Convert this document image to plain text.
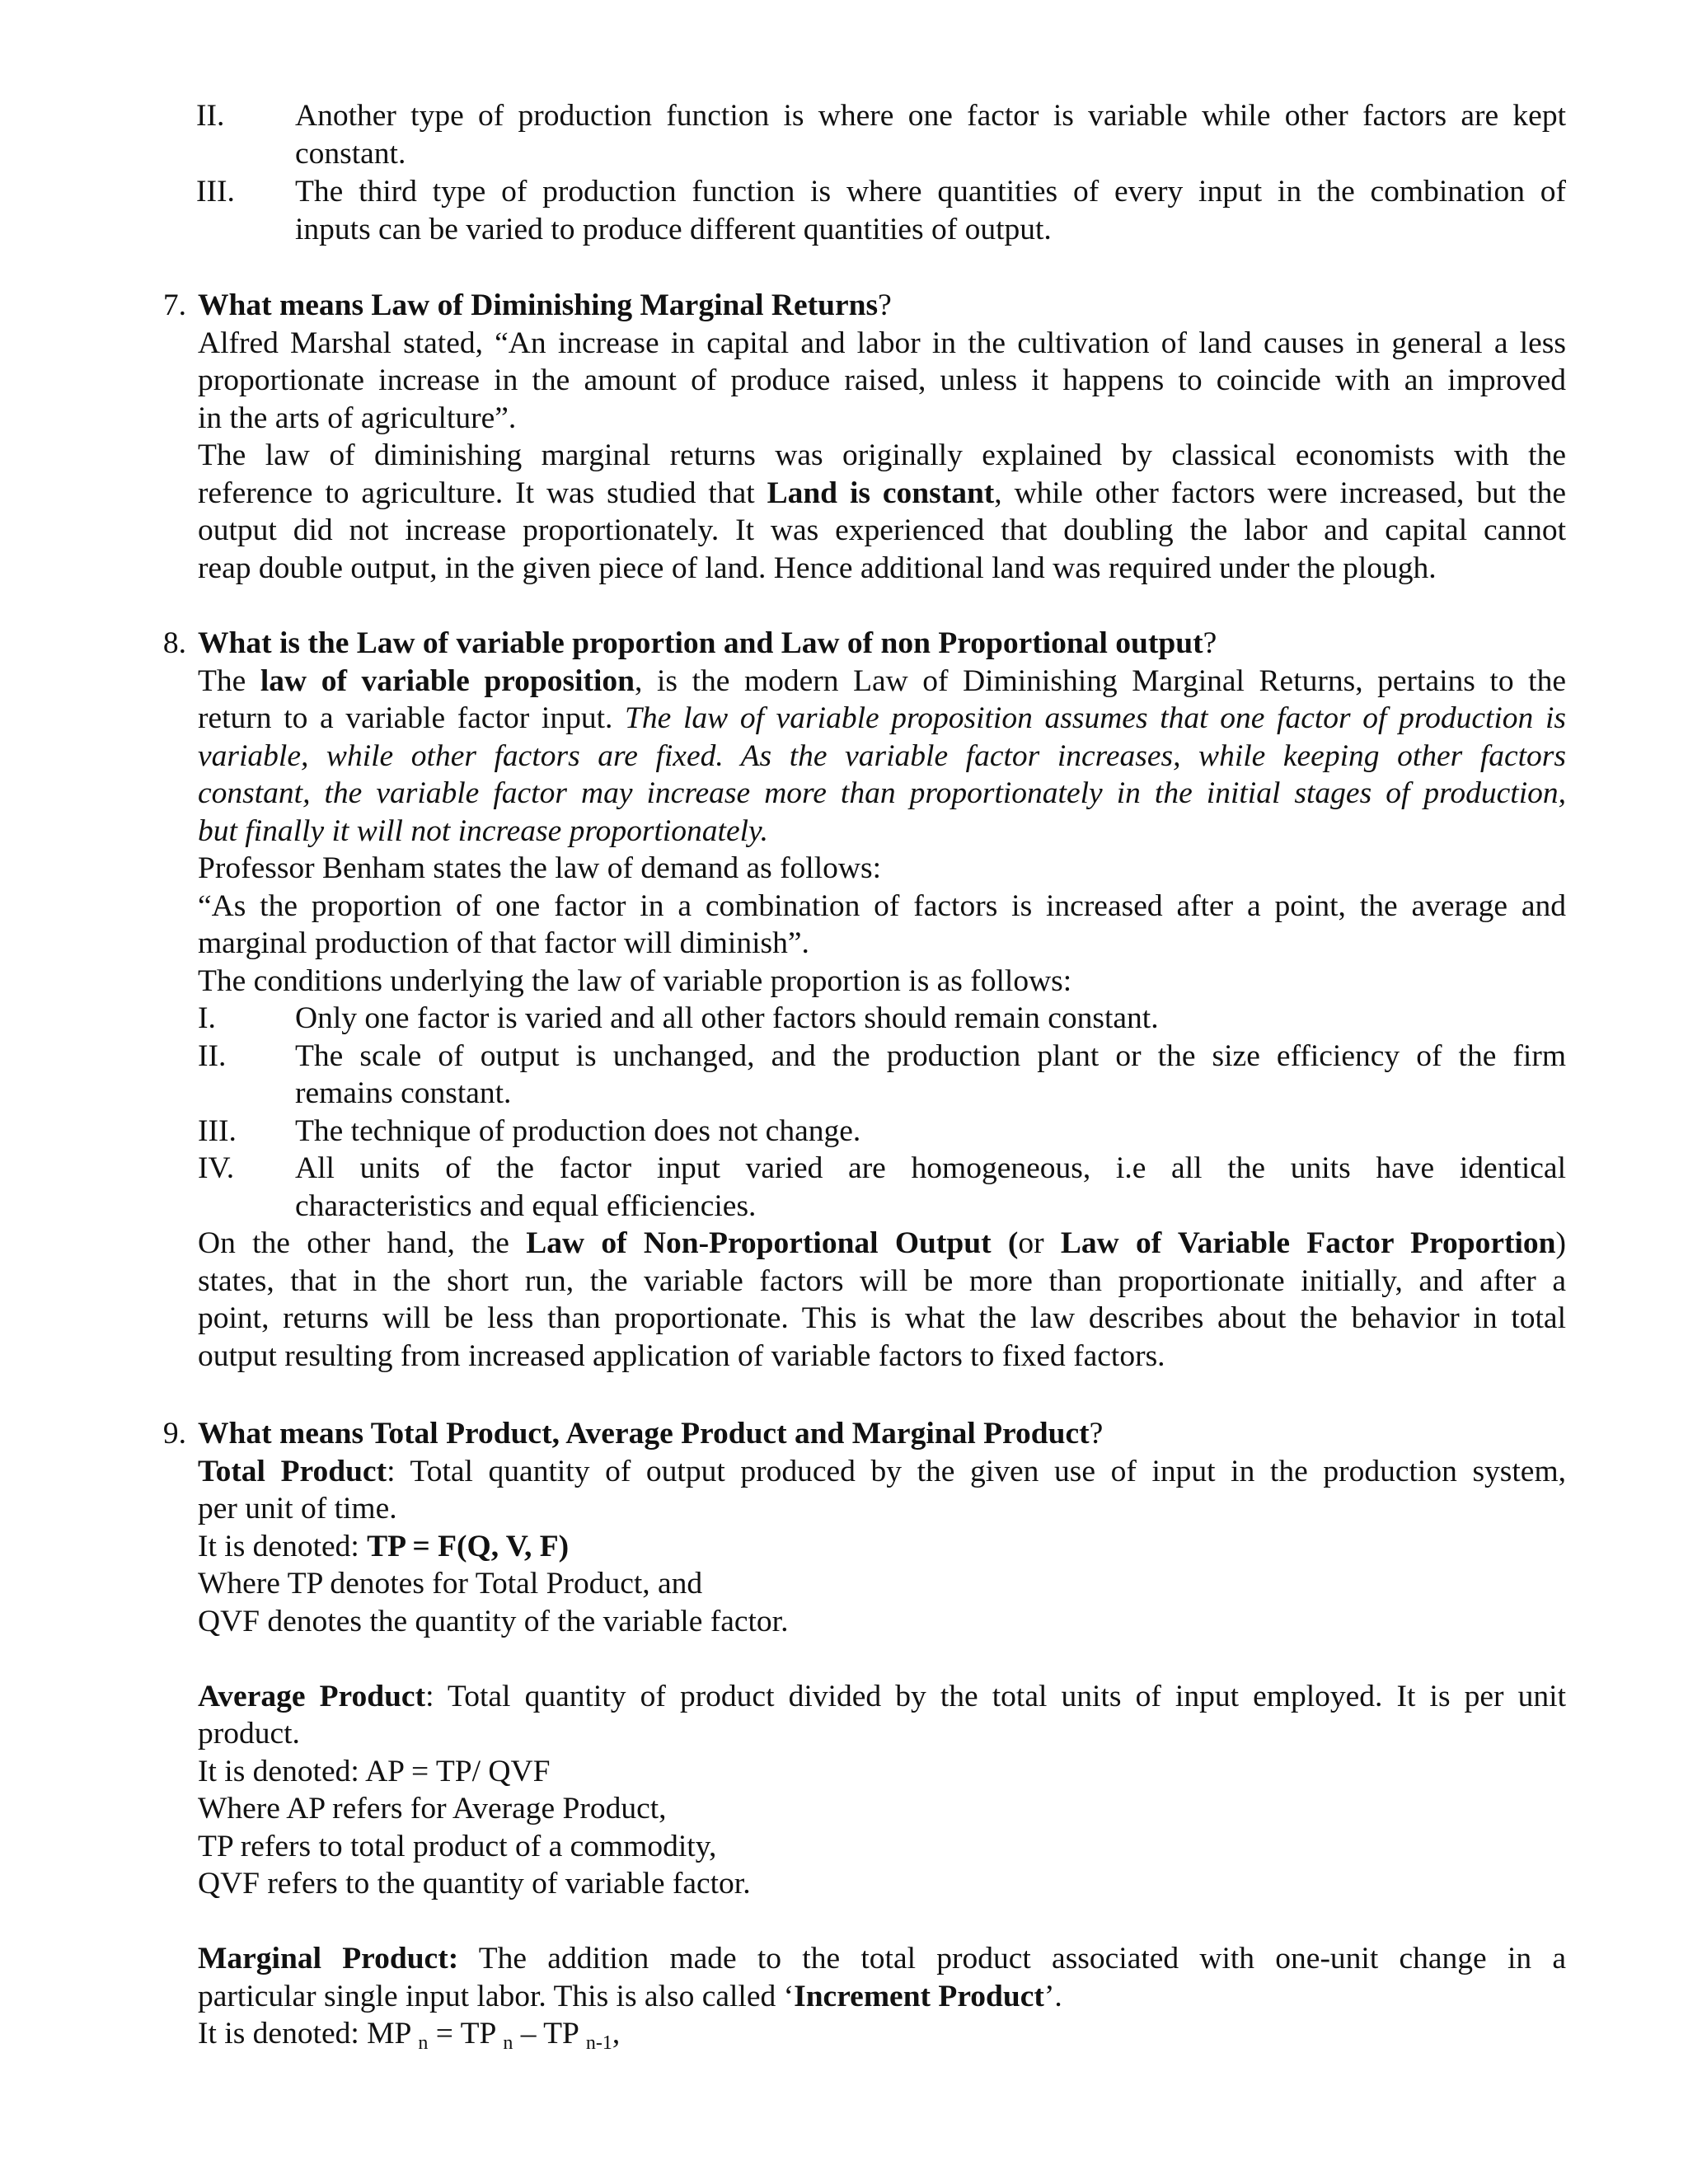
II. Another type of production function is where one factor is variable while other factors are kept

constant.

III. The third type of production function is where quantities of every input in the combination of

inputs can be varied to produce different quantities of output.

7. What means Law of Diminishing Marginal Returns?

Alfred Marshal stated, “An increase in capital and labor in the cultivation of land causes in general a less

proportionate increase in the amount of produce raised, unless it happens to coincide with an improved

in the arts of agriculture”.

The law of diminishing marginal returns was originally explained by classical economists with the

reference to agriculture. It was studied that Land is constant, while other factors were increased, but the

output did not increase proportionately. It was experienced that doubling the labor and capital cannot

reap double output, in the given piece of land. Hence additional land was required under the plough.

8. What is the Law of variable proportion and Law of non Proportional output?

The law of variable proposition, is the modern Law of Diminishing Marginal Returns, pertains to the

return to a variable factor input. The law of variable proposition assumes that one factor of production is

variable, while other factors are fixed. As the variable factor increases, while keeping other factors

constant, the variable factor may increase more than proportionately in the initial stages of production,

but finally it will not increase proportionately.

Professor Benham states the law of demand as follows:

“As the proportion of one factor in a combination of factors is increased after a point, the average and

marginal production of that factor will diminish”.

The conditions underlying the law of variable proportion is as follows:

I.	Only one factor is varied and all other factors should remain constant.

II. The scale of output is unchanged, and the production plant or the size efficiency of the firm

remains constant.

III. The technique of production does not change.

IV. All units of the factor input varied are homogeneous, i.e all the units have identical

characteristics and equal efficiencies.

On the other hand, the Law of Non-Proportional Output (or Law of Variable Factor Proportion)

states, that in the short run, the variable factors will be more than proportionate initially, and after a

point, returns will be less than proportionate. This is what the law describes about the behavior in total

output resulting from increased application of variable factors to fixed factors.

9. What means Total Product, Average Product and Marginal Product?

Total Product: Total quantity of output produced by the given use of input in the production system,

per unit of time.

It is denoted: TP = F(Q, V, F)

Where TP denotes for Total Product, and

QVF denotes the quantity of the variable factor.

Average Product: Total quantity of product divided by the total units of input employed. It is per unit

product.

It is denoted: AP = TP/ QVF

Where AP refers for Average Product,

TP refers to total product of a commodity,

QVF refers to the quantity of variable factor.

Marginal Product: The addition made to the total product associated with one-unit change in a

particular single input labor. This is also called ‘Increment Product’.

It is denoted: MP $_n$ = TP $_n$ – TP $_{n-1}$,
